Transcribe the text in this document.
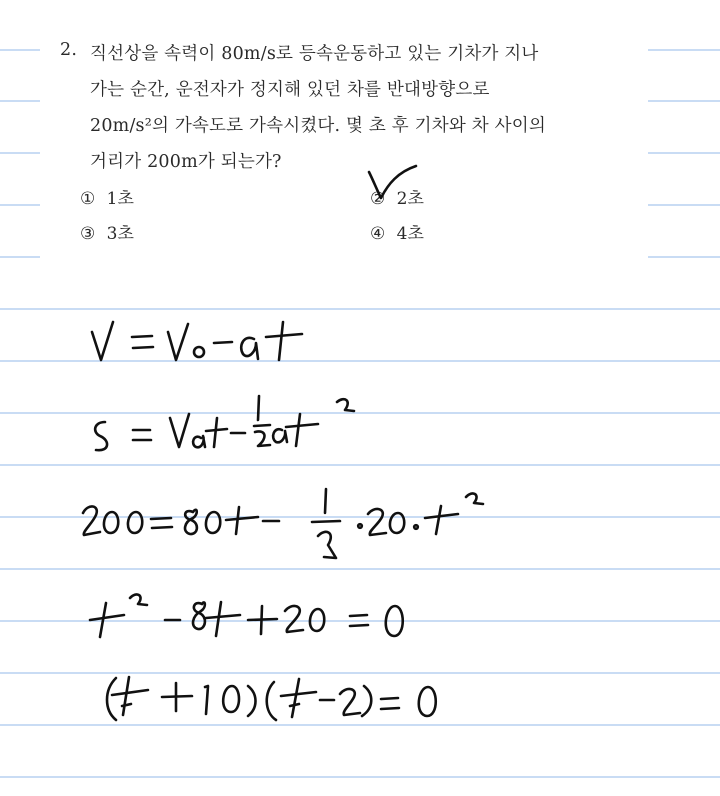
2. 직선상을 속력이 80m/s로 등속운동하고 있는 기차가 지나
가는 순간, 운전자가 정지해 있던 차를 반대방향으로
20m/s²의 가속도로 가속시켰다. 몇 초 후 기차와 차 사이의
거리가 200m가 되는가?
① 1초	② 2초
③ 3초	④ 4초
